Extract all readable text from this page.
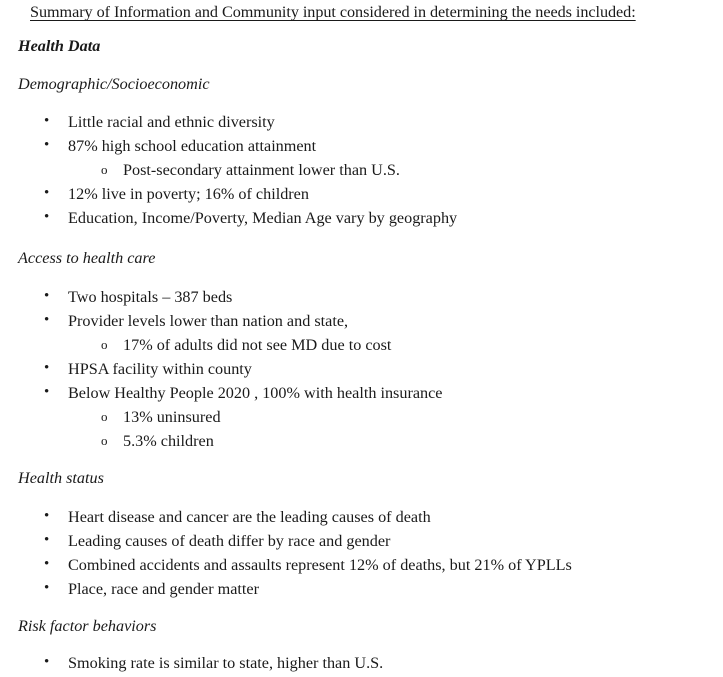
Summary of Information and Community input considered in determining the needs included:
Health Data
Demographic/Socioeconomic
• Little racial and ethnic diversity
• 87% high school education attainment
o Post-secondary attainment lower than U.S.
• 12% live in poverty; 16% of children
• Education, Income/Poverty, Median Age vary by geography
Access to health care
• Two hospitals – 387 beds
• Provider levels lower than nation and state,
o 17% of adults did not see MD due to cost
• HPSA facility within county
• Below Healthy People 2020 , 100% with health insurance
o 13% uninsured
o 5.3% children
Health status
• Heart disease and cancer are the leading causes of death
• Leading causes of death differ by race and gender
• Combined accidents and assaults represent 12% of deaths, but 21% of YPLLs
• Place, race and gender matter
Risk factor behaviors
• Smoking rate is similar to state, higher than U.S.
